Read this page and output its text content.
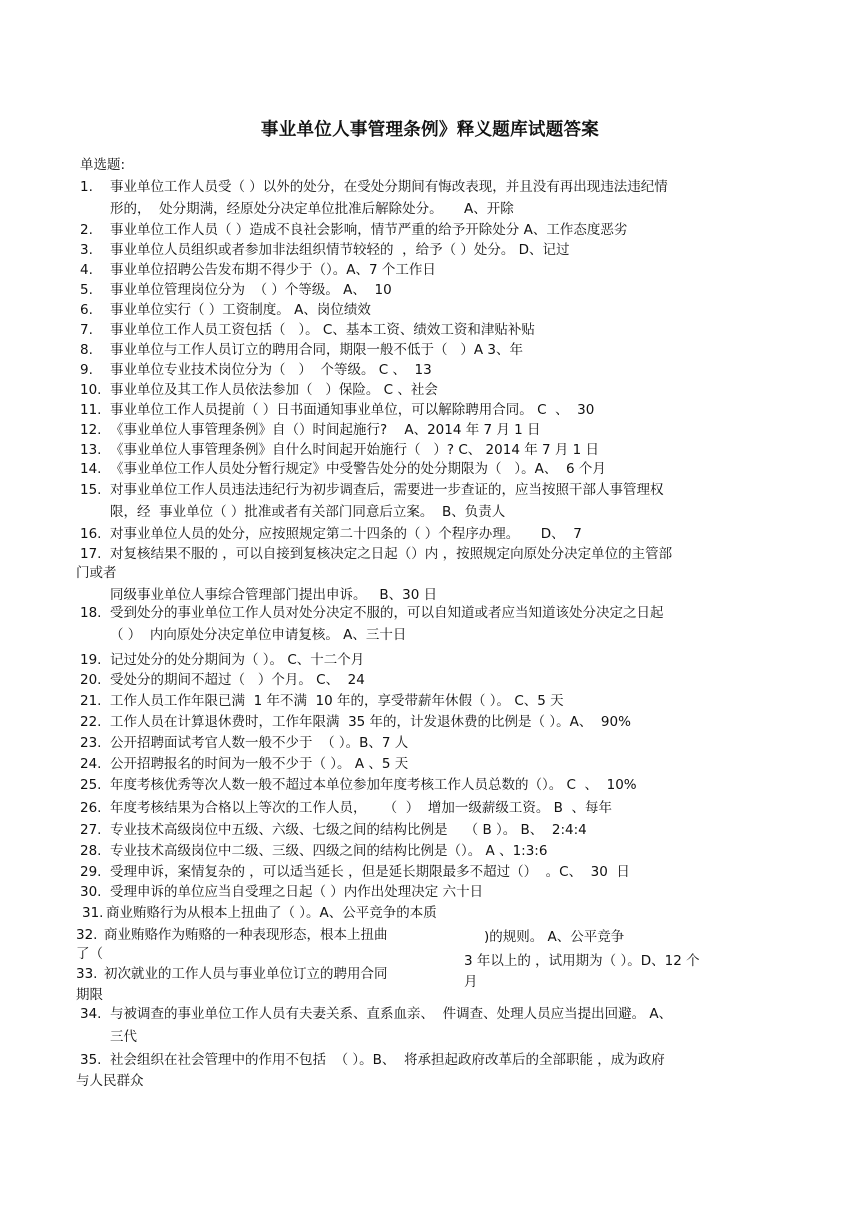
事业单位人事管理条例》释义题库试题答案
单选题:
1. 事业单位工作人员受（ ）以外的处分，在受处分期间有悔改表现，并且没有再出现违法违纪情
形的，  处分期满，经原处分决定单位批准后解除处分。     A、开除
2. 事业单位工作人员（ ）造成不良社会影响，情节严重的给予开除处分 A、工作态度恶劣
3. 事业单位人员组织或者参加非法组织情节较轻的  ，给予（ ）处分。 D、记过
4. 事业单位招聘公告发布期不得少于（）。A、7 个工作日
5. 事业单位管理岗位分为  （ ）个等级。 A、  10
6. 事业单位实行（ ）工资制度。 A、岗位绩效
7. 事业单位工作人员工资包括（   ）。 C、基本工资、绩效工资和津贴补贴
8. 事业单位与工作人员订立的聘用合同，期限一般不低于（   ）A 3、年
9. 事业单位专业技术岗位分为（   ）  个等级。 C 、  13
10. 事业单位及其工作人员依法参加（   ）保险。 C 、社会
11. 事业单位工作人员提前（ ）日书面通知事业单位，可以解除聘用合同。 C  、  30
12. 《事业单位人事管理条例》自（）时间起施行?    A、2014 年 7 月 1 日
13. 《事业单位人事管理条例》自什么时间起开始施行（   ）? C、 2014 年 7 月 1 日
14. 《事业单位工作人员处分暂行规定》中受警告处分的处分期限为（   ）。A、  6 个月
15. 对事业单位工作人员违法违纪行为初步调查后，需要进一步查证的，应当按照干部人事管理权
限，经  事业单位（ ）批准或者有关部门同意后立案。  B、负责人
16. 对事业单位人员的处分，应按照规定第二十四条的（ ）个程序办理。     D、  7
17. 对复核结果不服的 ，可以自接到复核决定之日起（）内 ，按照规定向原处分决定单位的主管部
门或者
同级事业单位人事综合管理部门提出申诉。   B、30 日
18. 受到处分的事业单位工作人员对处分决定不服的，可以自知道或者应当知道该处分决定之日起
（ ）  内向原处分决定单位申请复核。 A、三十日
19. 记过处分的处分期间为（ ）。 C、十二个月
20. 受处分的期间不超过（   ）个月。 C、  24
21. 工作人员工作年限已满  1 年不满  10 年的，享受带薪年休假（ ）。 C、5 天
22. 工作人员在计算退休费时，工作年限满  35 年的，计发退休费的比例是（ ）。A、  90%
23. 公开招聘面试考官人数一般不少于  （ ）。B、7 人
24. 公开招聘报名的时间为一般不少于（ ）。 A 、5 天
25. 年度考核优秀等次人数一般不超过本单位参加年度考核工作人员总数的（）。 C  、  10%
26. 年度考核结果为合格以上等次的工作人员，    （  ）  增加一级薪级工资。 B  、每年
27. 专业技术高级岗位中五级、六级、七级之间的结构比例是    （ B ）。 B、  2:4:4
28. 专业技术高级岗位中二级、三级、四级之间的结构比例是（）。 A 、1:3:6
29. 受理申诉，案情复杂的 ，可以适当延长 ，但是延长期限最多不超过（）  。C、  30  日
30. 受理申诉的单位应当自受理之日起（ ）内作出处理决定 六十日
31. 商业贿赂行为从根本上扭曲了（ ）。A、公平竞争的本质
32. 商业贿赂作为贿赂的一种表现形态，根本上扭曲
了（
)的规则。 A、公平竞争
33. 初次就业的工作人员与事业单位订立的聘用合同
期限
3 年以上的 ，试用期为（ ）。D、12 个
月
34. 与被调查的事业单位工作人员有夫妻关系、直系血亲、  件调查、处理人员应当提出回避。 A、
三代
35. 社会组织在社会管理中的作用不包括  （ ）。B、  将承担起政府改革后的全部职能 ，成为政府
与人民群众
